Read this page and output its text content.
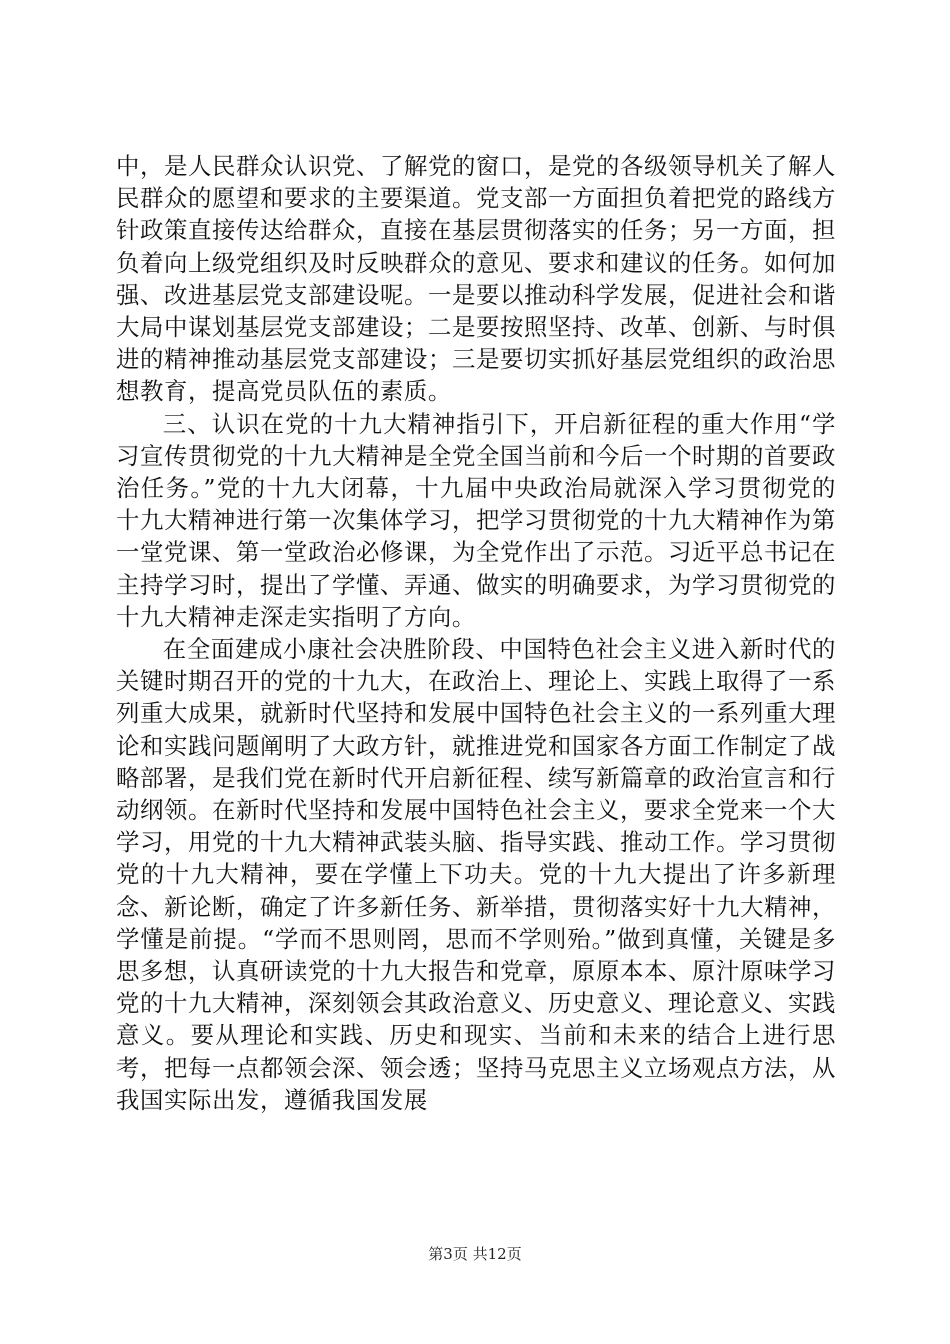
中，是人民群众认识党、了解党的窗口，是党的各级领导机关了解人民群众的愿望和要求的主要渠道。党支部一方面担负着把党的路线方针政策直接传达给群众，直接在基层贯彻落实的任务；另一方面，担负着向上级党组织及时反映群众的意见、要求和建议的任务。如何加强、改进基层党支部建设呢。一是要以推动科学发展，促进社会和谐大局中谋划基层党支部建设；二是要按照坚持、改革、创新、与时俱进的精神推动基层党支部建设；三是要切实抓好基层党组织的政治思想教育，提高党员队伍的素质。

三、认识在党的十九大精神指引下，开启新征程的重大作用“学习宣传贯彻党的十九大精神是全党全国当前和今后一个时期的首要政治任务。”党的十九大闭幕，十九届中央政治局就深入学习贯彻党的十九大精神进行第一次集体学习，把学习贯彻党的十九大精神作为第一堂党课、第一堂政治必修课，为全党作出了示范。习近平总书记在主持学习时，提出了学懂、弄通、做实的明确要求，为学习贯彻党的十九大精神走深走实指明了方向。

在全面建成小康社会决胜阶段、中国特色社会主义进入新时代的关键时期召开的党的十九大，在政治上、理论上、实践上取得了一系列重大成果，就新时代坚持和发展中国特色社会主义的一系列重大理论和实践问题阐明了大政方针，就推进党和国家各方面工作制定了战略部署，是我们党在新时代开启新征程、续写新篇章的政治宣言和行动纲领。在新时代坚持和发展中国特色社会主义，要求全党来一个大学习，用党的十九大精神武装头脑、指导实践、推动工作。学习贯彻党的十九大精神，要在学懂上下功夫。党的十九大提出了许多新理念、新论断，确定了许多新任务、新举措，贯彻落实好十九大精神，学懂是前提。“学而不思则罔，思而不学则殆。”做到真懂，关键是多思多想，认真研读党的十九大报告和党章，原原本本、原汁原味学习党的十九大精神，深刻领会其政治意义、历史意义、理论意义、实践意义。要从理论和实践、历史和现实、当前和未来的结合上进行思考，把每一点都领会深、领会透；坚持马克思主义立场观点方法，从我国实际出发，遵循我国发展

第3页 共12页
